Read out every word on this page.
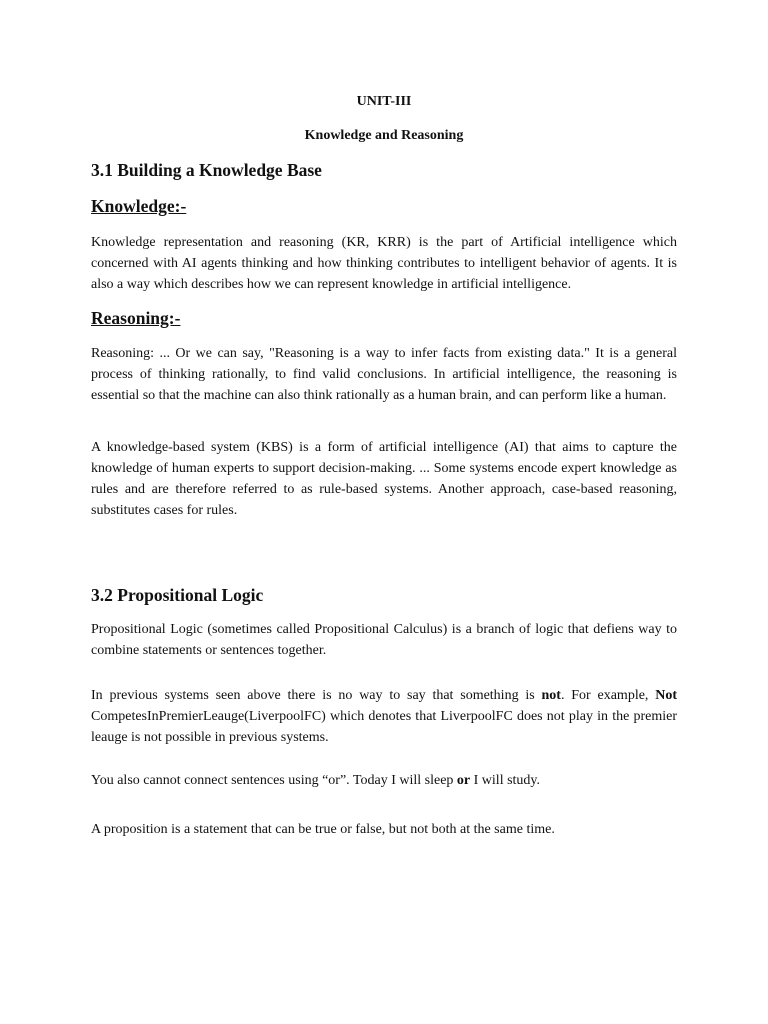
UNIT-III
Knowledge and Reasoning
3.1 Building a Knowledge Base
Knowledge:-

Knowledge representation and reasoning (KR, KRR) is the part of Artificial intelligence which concerned with AI agents thinking and how thinking contributes to intelligent behavior of agents. It is also a way which describes how we can represent knowledge in artificial intelligence.

Reasoning:-

Reasoning: ... Or we can say, "Reasoning is a way to infer facts from existing data." It is a general process of thinking rationally, to find valid conclusions. In artificial intelligence, the reasoning is essential so that the machine can also think rationally as a human brain, and can perform like a human.

A knowledge-based system (KBS) is a form of artificial intelligence (AI) that aims to capture the knowledge of human experts to support decision-making. ... Some systems encode expert knowledge as rules and are therefore referred to as rule-based systems. Another approach, case-based reasoning, substitutes cases for rules.

3.2 Propositional Logic

Propositional Logic (sometimes called Propositional Calculus) is a branch of logic that defiens way to combine statements or sentences together.

In previous systems seen above there is no way to say that something is not. For example, Not CompetesInPremierLeauge(LiverpoolFC) which denotes that LiverpoolFC does not play in the premier leauge is not possible in previous systems.

You also cannot connect sentences using “or”. Today I will sleep or I will study.

A proposition is a statement that can be true or false, but not both at the same time.
